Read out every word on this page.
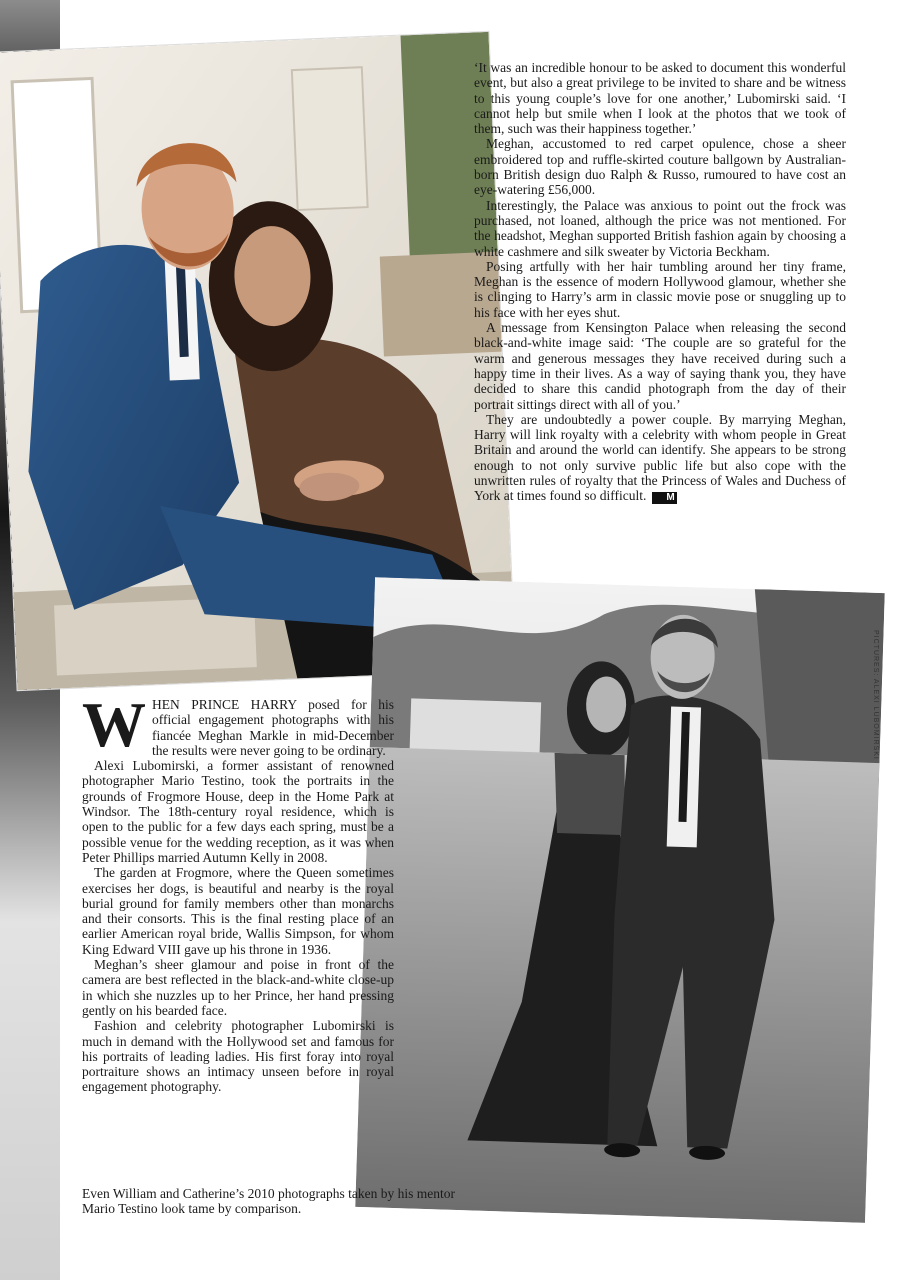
PICTURES: ALEXI LUBOMIRSKI

‘It was an incredible honour to be asked to document this wonderful event, but also a great privilege to be invited to share and be witness to this young couple’s love for one another,’ Lubomirski said. ‘I cannot help but smile when I look at the photos that we took of them, such was their happiness together.’

Meghan, accustomed to red carpet opulence, chose a sheer embroidered top and ruffle-skirted couture ballgown by Australian-born British design duo Ralph & Russo, rumoured to have cost an eye-watering £56,000.

Interestingly, the Palace was anxious to point out the frock was purchased, not loaned, although the price was not mentioned. For the headshot, Meghan supported British fashion again by choosing a white cashmere and silk sweater by Victoria Beckham.

Posing artfully with her hair tumbling around her tiny frame, Meghan is the essence of modern Hollywood glamour, whether she is clinging to Harry’s arm in classic movie pose or snuggling up to his face with her eyes shut.

A message from Kensington Palace when releasing the second black-and-white image said: ‘The couple are so grateful for the warm and generous messages they have received during such a happy time in their lives. As a way of saying thank you, they have decided to share this candid photograph from the day of their portrait sittings direct with all of you.’

They are undoubtedly a power couple. By marrying Meghan, Harry will link royalty with a celebrity with whom people in Great Britain and around the world can identify. She appears to be strong enough to not only survive public life but also cope with the unwritten rules of royalty that the Princess of Wales and Duchess of York at times found so difficult. M

WHEN PRINCE HARRY posed for his official engagement photographs with his fiancée Meghan Markle in mid-December the results were never going to be ordinary.

Alexi Lubomirski, a former assistant of renowned photographer Mario Testino, took the portraits in the grounds of Frogmore House, deep in the Home Park at Windsor. The 18th-century royal residence, which is open to the public for a few days each spring, must be a possible venue for the wedding reception, as it was when Peter Phillips married Autumn Kelly in 2008.

The garden at Frogmore, where the Queen sometimes exercises her dogs, is beautiful and nearby is the royal burial ground for family members other than monarchs and their consorts. This is the final resting place of an earlier American royal bride, Wallis Simpson, for whom King Edward VIII gave up his throne in 1936.

Meghan’s sheer glamour and poise in front of the camera are best reflected in the black-and-white close-up in which she nuzzles up to her Prince, her hand pressing gently on his bearded face.

Fashion and celebrity photographer Lubomirski is much in demand with the Hollywood set and famous for his portraits of leading ladies. His first foray into royal portraiture shows an intimacy unseen before in royal engagement photography.

Even William and Catherine’s 2010 photographs taken by his mentor Mario Testino look tame by comparison.
